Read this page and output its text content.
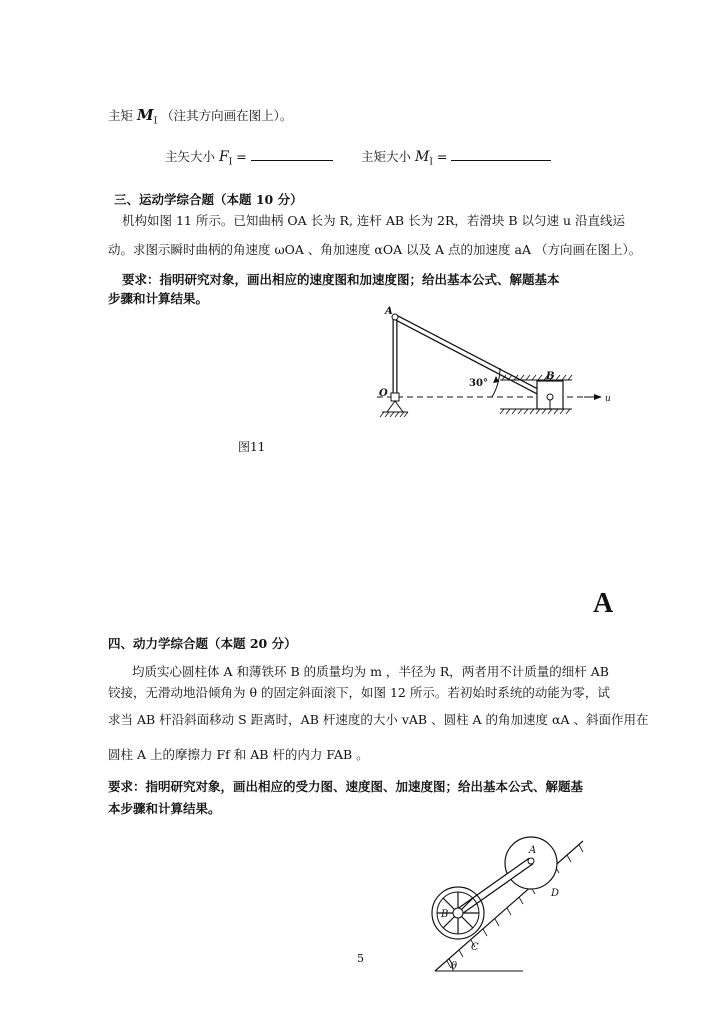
主矩 $M_I$ （注其方向画在图上）。
主矢大小 $F_I$ =	主矩大小 $M_I$ =
三、运动学综合题（本题 10 分）
机构如图 11 所示。已知曲柄 OA 长为 R, 连杆 AB 长为 2R，若滑块 B 以匀速 u 沿直线运
动。求图示瞬时曲柄的角速度 ωOA 、角加速度 αOA 以及 A 点的加速度 aA （方向画在图上）。
要求：指明研究对象，画出相应的速度图和加速度图；给出基本公式、解题基本
步骤和计算结果。
u
A
B
O
30°
图11
A
四、动力学综合题（本题 20 分）
均质实心圆柱体 A 和薄铁环 B 的质量均为 m ，半径为 R，两者用不计质量的细杆 AB
铰接，无滑动地沿倾角为 θ 的固定斜面滚下，如图 12 所示。若初始时系统的动能为零，试
求当 AB 杆沿斜面移动 S 距离时，AB 杆速度的大小 vAB 、圆柱 A 的角加速度 αA 、斜面作用在
圆柱 A 上的摩擦力 Ff 和 AB 杆的内力 FAB 。
要求：指明研究对象，画出相应的受力图、速度图、加速度图；给出基本公式、解题基
本步骤和计算结果。
A
B
C
D
θ
5
